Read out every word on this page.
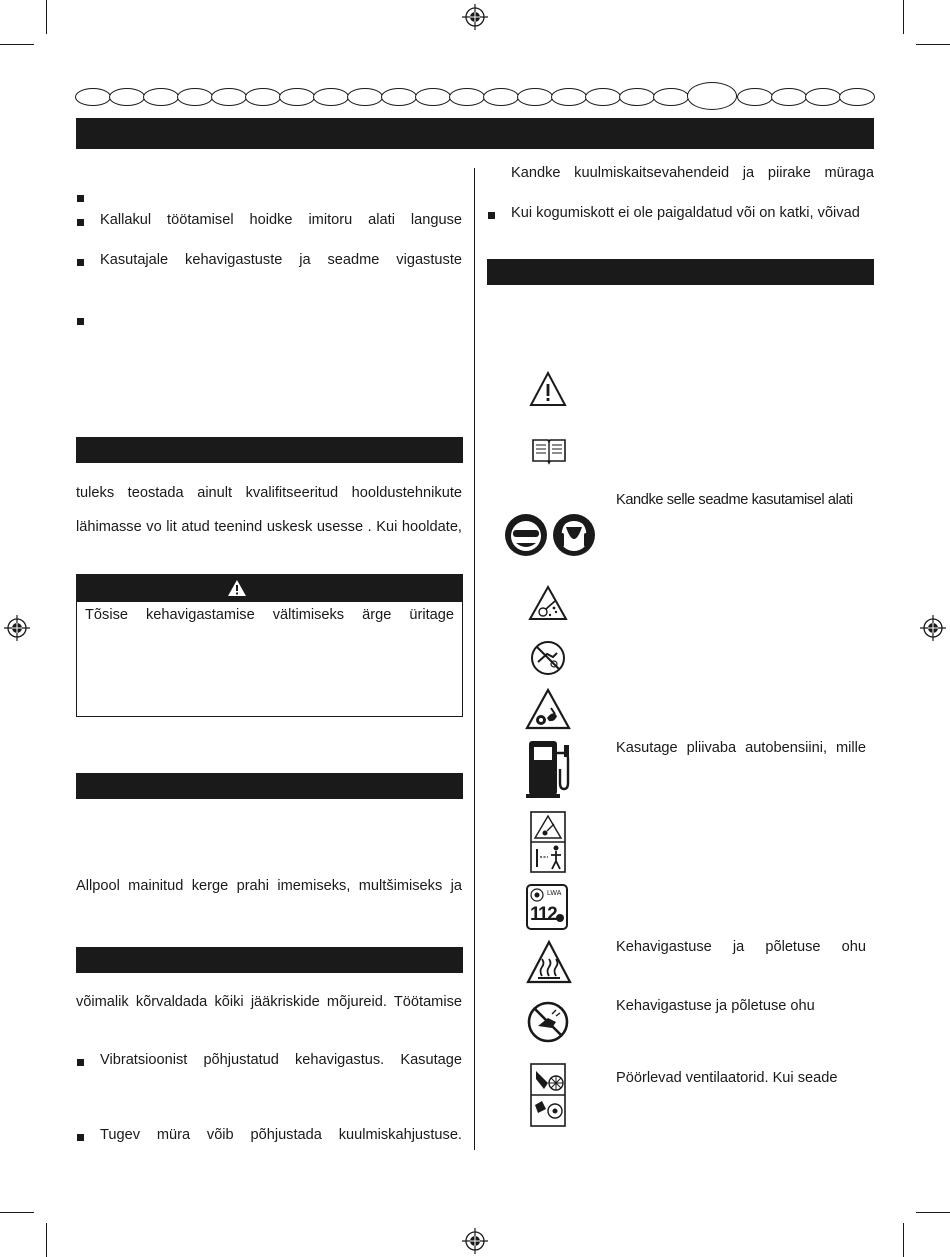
Kallakul töötamisel hoidke imitoru alati languse
Kasutajale kehavigastuste ja seadme vigastuste
tuleks teostada ainult kvalifitseeritud hooldustehnikute
lähimasse vo lit atud teenind uskesk usesse . Kui hooldate,
Tõsise kehavigastamise vältimiseks ärge üritage
Allpool mainitud kerge prahi imemiseks, multšimiseks ja
võimalik kõrvaldada kõiki jääkriskide mõjureid. Töötamise
Vibratsioonist põhjustatud kehavigastus. Kasutage
Tugev müra võib põhjustada kuulmiskahjustuse.
Kandke kuulmiskaitsevahendeid ja piirake müraga
Kui kogumiskott ei ole paigaldatud või on katki, võivad
Kandke selle seadme kasutamisel alati
Kasutage pliivaba autobensiini, mille
LWA
112
Kehavigastuse ja põletuse ohu
Kehavigastuse ja põletuse ohu
Pöörlevad ventilaatorid. Kui seade
